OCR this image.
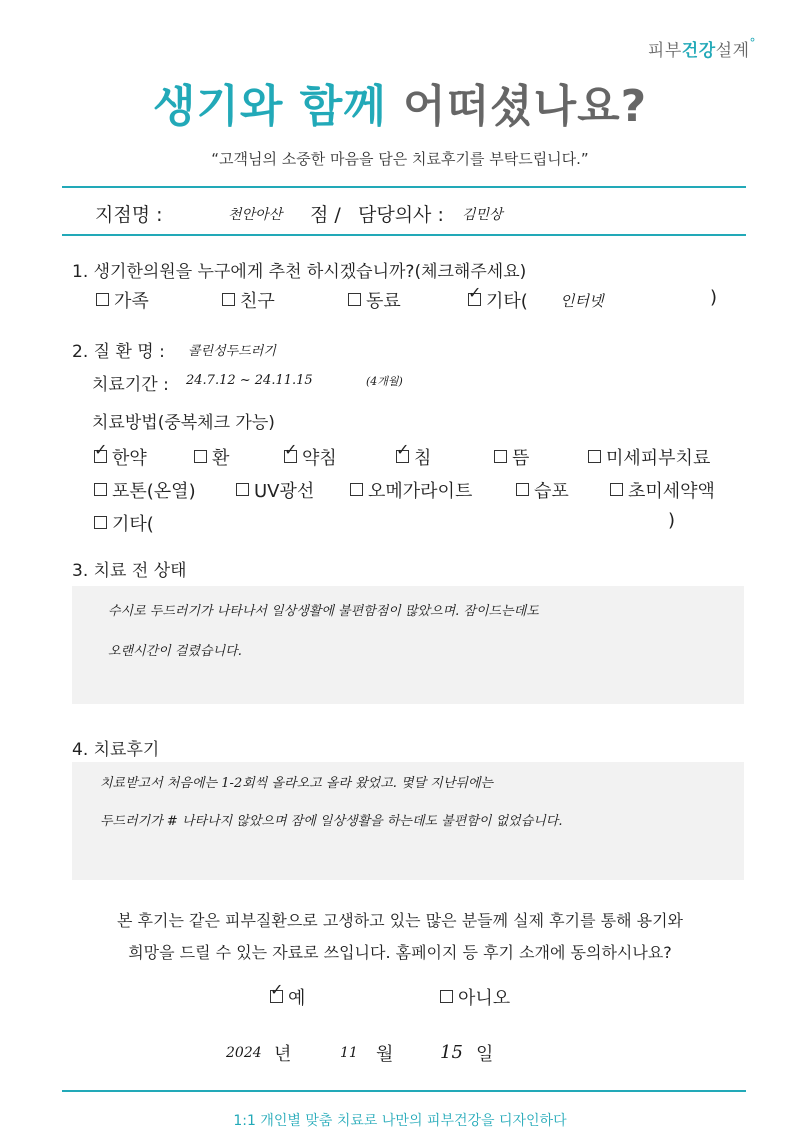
피부건강설계°
생기와 함께 어떠셨나요?
“고객님의 소중한 마음을 담은 치료후기를 부탁드립니다.”
지점명 :	천안아산 점 / 담당의사 : 김민상
1. 생기한의원을 누구에게 추천 하시겠습니까?(체크해주세요)
가족	친구	동료 ✓	기타( 인터넷	)
2. 질 환 명 : 콜린성두드러기
치료기간 : 24.7.12 ~ 24.11.15	(4개월)
치료방법(중복체크 가능)
✓한약	환 ✓	약침 ✓	침	뜸	미세피부치료
포톤(온열)	UV광선	오메가라이트	습포	초미세약액
기타(	)
3. 치료 전 상태
수시로 두드러기가 나타나서 일상생활에 불편함점이 많았으며. 잠이드는데도
오랜시간이 걸렸습니다.
4. 치료후기
치료받고서 처음에는 1-2회씩 올라오고 올라 왔었고. 몇달 지난뒤에는
두드러기가 # 나타나지 않았으며 잠에 일상생활을 하는데도 불편함이 없었습니다.
본 후기는 같은 피부질환으로 고생하고 있는 많은 분들께 실제 후기를 통해 용기와
희망을 드릴 수 있는 자료로 쓰입니다. 홈페이지 등 후기 소개에 동의하시나요?
✓예	아니오
2024 년	11 월	15 일
1:1 개인별 맞춤 치료로 나만의 피부건강을 디자인하다
